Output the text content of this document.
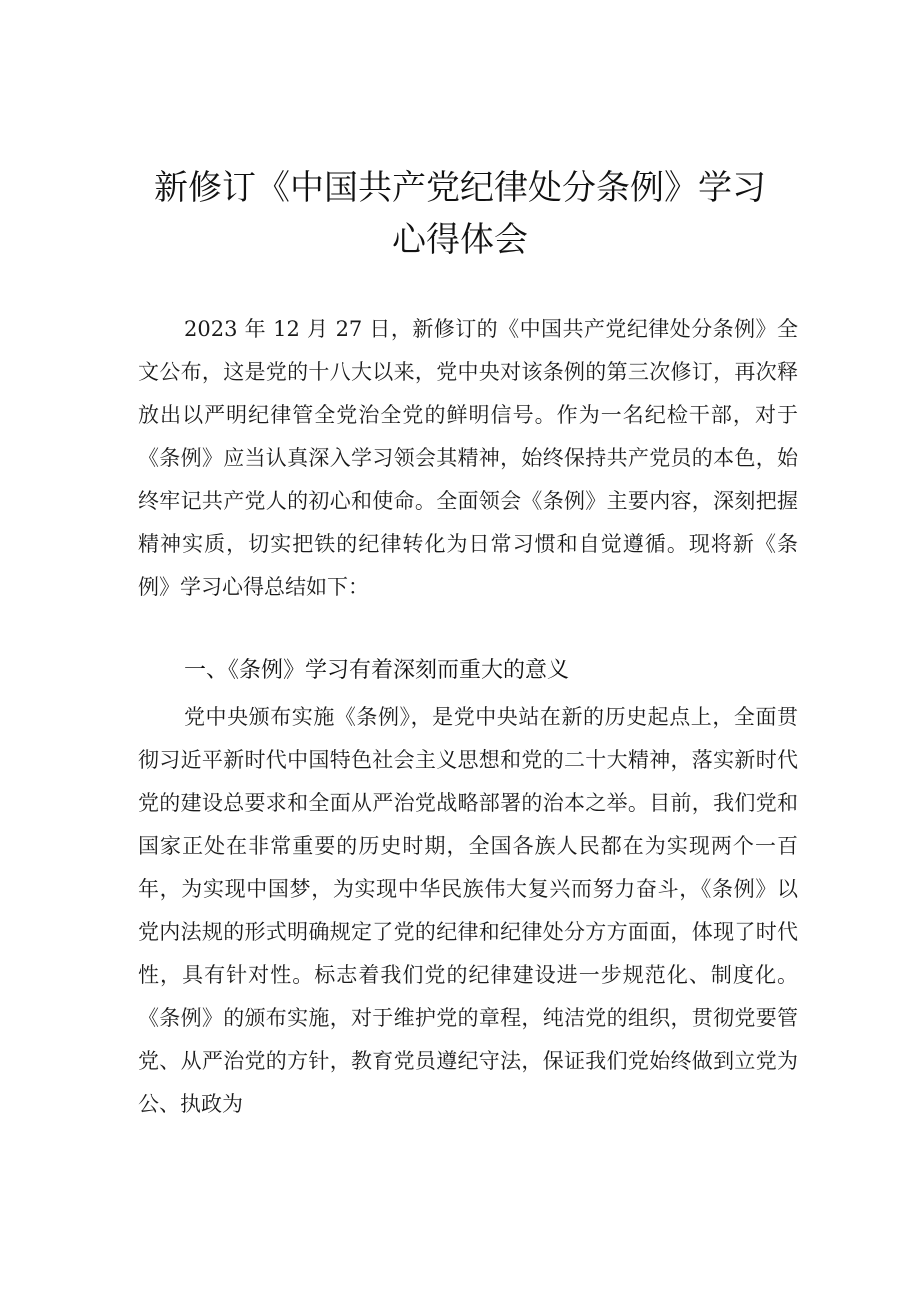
新修订《中国共产党纪律处分条例》学习
心得体会

2023 年 12 月 27 日，新修订的《中国共产党纪律处分条例》全文公布，这是党的十八大以来，党中央对该条例的第三次修订，再次释放出以严明纪律管全党治全党的鲜明信号。作为一名纪检干部，对于《条例》应当认真深入学习领会其精神，始终保持共产党员的本色，始终牢记共产党人的初心和使命。全面领会《条例》主要内容，深刻把握精神实质，切实把铁的纪律转化为日常习惯和自觉遵循。现将新《条例》学习心得总结如下：

一、《条例》学习有着深刻而重大的意义

党中央颁布实施《条例》，是党中央站在新的历史起点上，全面贯彻习近平新时代中国特色社会主义思想和党的二十大精神，落实新时代党的建设总要求和全面从严治党战略部署的治本之举。目前，我们党和国家正处在非常重要的历史时期，全国各族人民都在为实现两个一百年，为实现中国梦，为实现中华民族伟大复兴而努力奋斗，《条例》以党内法规的形式明确规定了党的纪律和纪律处分方方面面，体现了时代性，具有针对性。标志着我们党的纪律建设进一步规范化、制度化。《条例》的颁布实施，对于维护党的章程，纯洁党的组织，贯彻党要管党、从严治党的方针，教育党员遵纪守法，保证我们党始终做到立党为公、执政为
